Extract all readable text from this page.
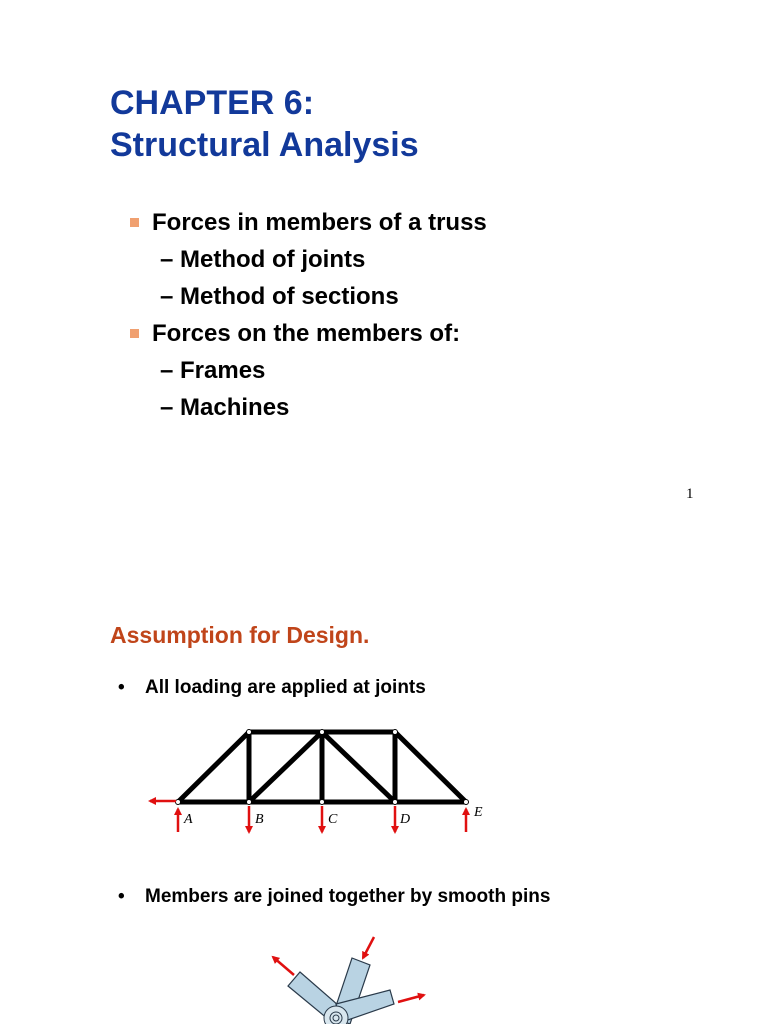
CHAPTER 6:
Structural Analysis
Forces in members of a truss
– Method of joints
– Method of sections
Forces on the members of:
– Frames
– Machines
1
Assumption for Design.
• All loading are applied at joints
A	B	C	D	E
• Members are joined together by smooth pins
